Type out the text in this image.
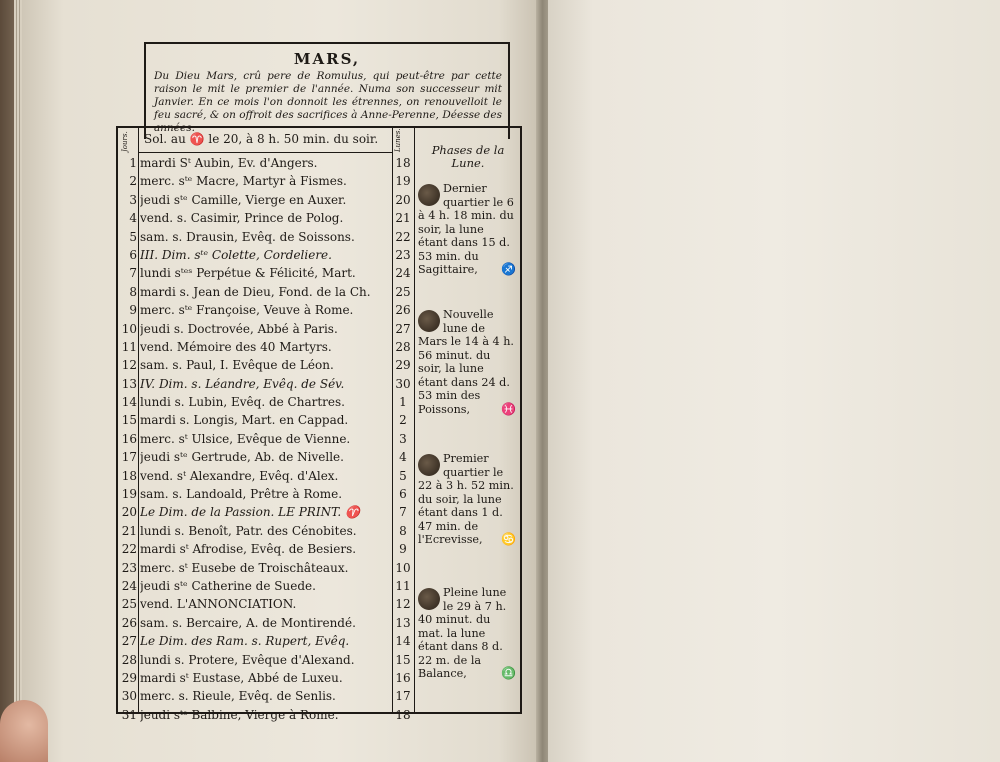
MARS,
Du Dieu Mars, crû pere de Romulus, qui peut-être par cette raison le mit le premier de l'année. Numa son successeur mit Janvier. En ce mois l'on donnoit les étrennes, on renouvelloit le feu sacré, & on offroit des sacrifices à Anne-Perenne, Déesse des années.
Jours.	Lunes.
Sol. au ♈ le 20, à 8 h. 50 min. du soir.
Phases de la Lune.
1 mardi Sᵗ Aubin, Ev. d'Angers.	18
2 merc. sᵗᵉ Macre, Martyr à Fismes.	19
3 jeudi sᵗᵉ Camille, Vierge en Auxer.	20
4 vend. s. Casimir, Prince de Polog.	21
5 sam. s. Drausin, Evêq. de Soissons.	22
6 III. Dim. sᵗᵉ Colette, Cordeliere.	23
7 lundi sᵗᵉˢ Perpétue & Félicité, Mart.	24
8 mardi s. Jean de Dieu, Fond. de la Ch.	25
9 merc. sᵗᵉ Françoise, Veuve à Rome.	26
10 jeudi s. Doctrovée, Abbé à Paris.	27
11 vend. Mémoire des 40 Martyrs.	28
12 sam. s. Paul, I. Evêque de Léon.	29
13 IV. Dim. s. Léandre, Evêq. de Sév.	30
14 lundi s. Lubin, Evêq. de Chartres.	1
15 mardi s. Longis, Mart. en Cappad.	2
16 merc. sᵗ Ulsice, Evêque de Vienne.	3
17 jeudi sᵗᵉ Gertrude, Ab. de Nivelle.	4
18 vend. sᵗ Alexandre, Evêq. d'Alex.	5
19 sam. s. Landoald, Prêtre à Rome.	6
20 Le Dim. de la Passion. LE PRINT. ♈	7
21 lundi s. Benoît, Patr. des Cénobites.	8
22 mardi sᵗ Afrodise, Evêq. de Besiers.	9
23 merc. sᵗ Eusebe de Troischâteaux.	10
24 jeudi sᵗᵉ Catherine de Suede.	11
25 vend. L'ANNONCIATION.	12
26 sam. s. Bercaire, A. de Montirendé.	13
27 Le Dim. des Ram. s. Rupert, Evêq.	14
28 lundi s. Protere, Evêque d'Alexand.	15
29 mardi sᵗ Eustase, Abbé de Luxeu.	16
30 merc. s. Rieule, Evêq. de Senlis.	17
31 jeudi sᵗᵉ Balbine, Vierge à Rome.	18
Dernier quartier le 6 à 4 h. 18 min. du soir, la lune étant dans 15 d. 53 min. du Sagittaire, ♐
Nouvelle lune de Mars le 14 à 4 h. 56 minut. du soir, la lune étant dans 24 d. 53 min des Poissons,	♓
Premier quartier le 22 à 3 h. 52 min. du soir, la lune étant dans 1 d. 47 min. de l'Ecrevisse, ♋
Pleine lune le 29 à 7 h. 40 minut. du mat. la lune étant dans 8 d. 22 m. de la Balance,	♎
